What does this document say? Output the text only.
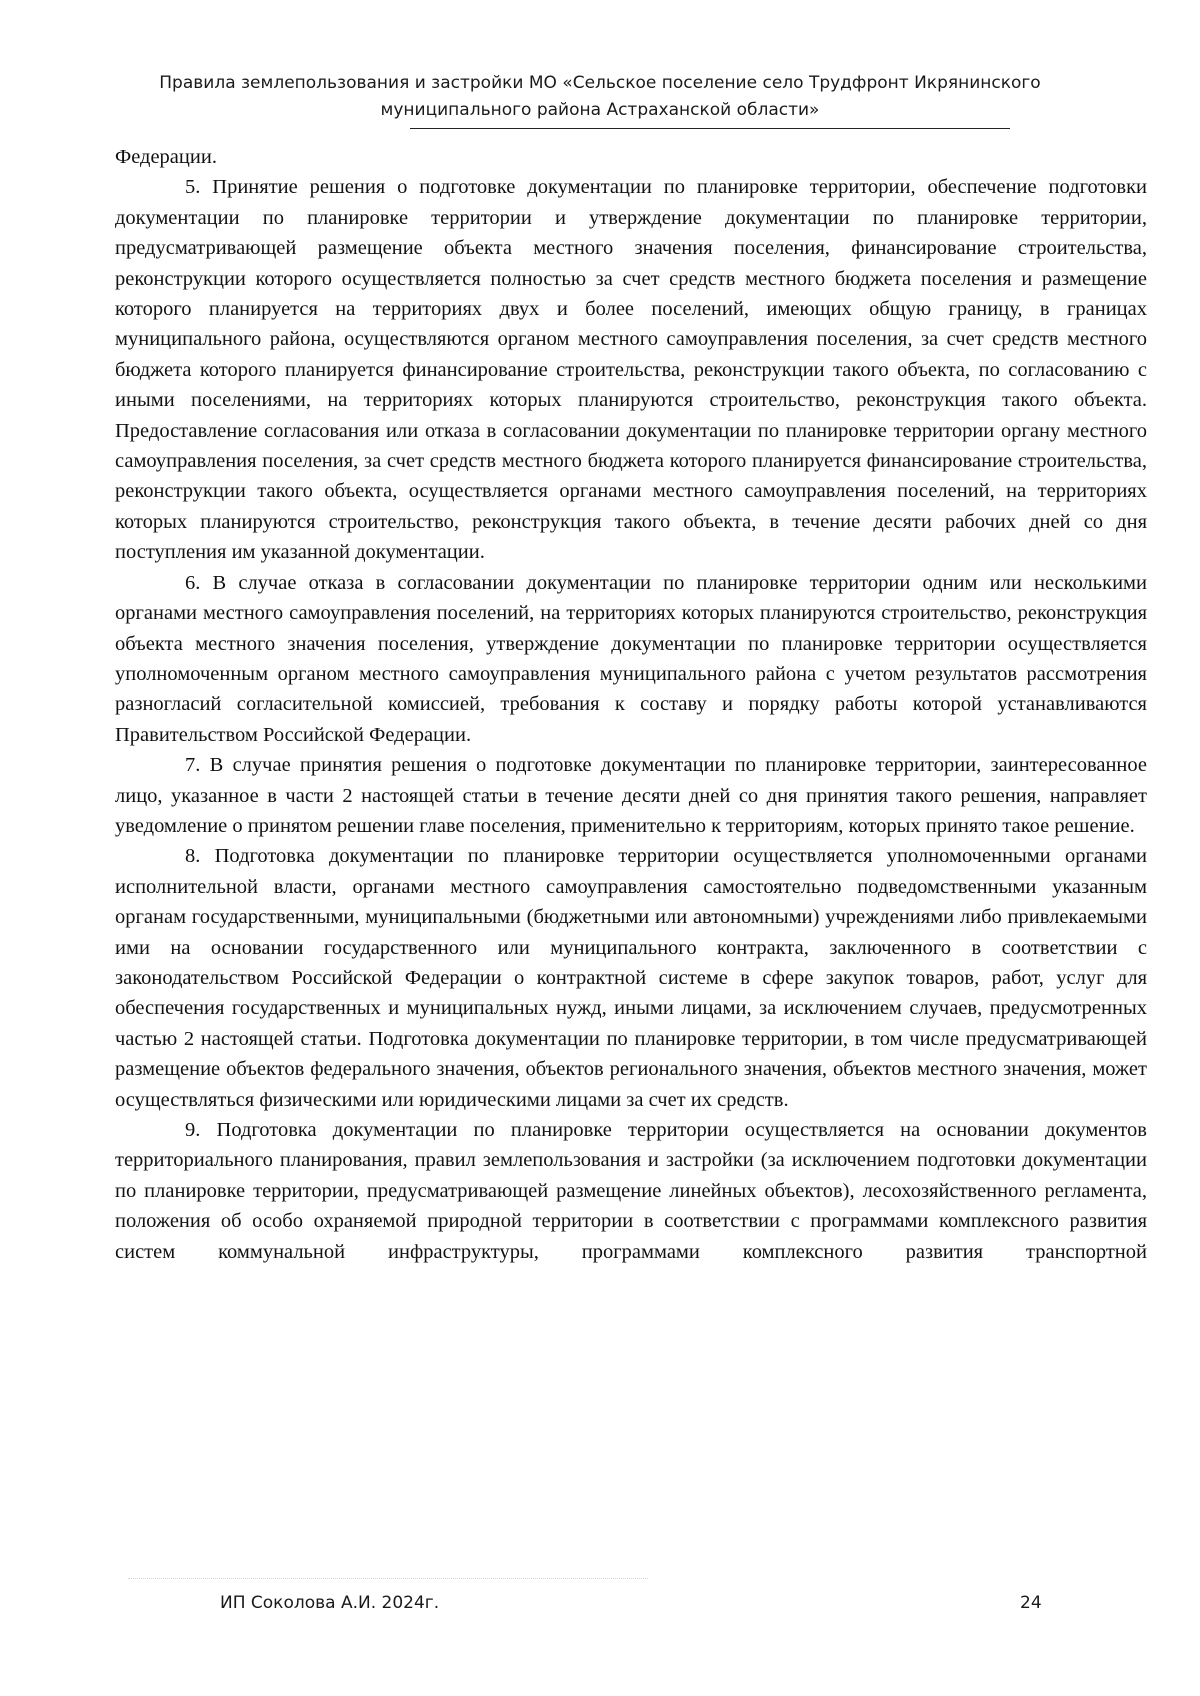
Правила землепользования и застройки МО «Сельское поселение село Трудфронт Икрянинского
муниципального района Астраханской области»

Федерации.

5. Принятие решения о подготовке документации по планировке территории, обеспечение подготовки документации по планировке территории и утверждение документации по планировке территории, предусматривающей размещение объекта местного значения поселения, финансирование строительства, реконструкции которого осуществляется полностью за счет средств местного бюджета поселения и размещение которого планируется на территориях двух и более поселений, имеющих общую границу, в границах муниципального района, осуществляются органом местного самоуправления поселения, за счет средств местного бюджета которого планируется финансирование строительства, реконструкции такого объекта, по согласованию с иными поселениями, на территориях которых планируются строительство, реконструкция такого объекта. Предоставление согласования или отказа в согласовании документации по планировке территории органу местного самоуправления поселения, за счет средств местного бюджета которого планируется финансирование строительства, реконструкции такого объекта, осуществляется органами местного самоуправления поселений, на территориях которых планируются строительство, реконструкция такого объекта, в течение десяти рабочих дней со дня поступления им указанной документации.

6. В случае отказа в согласовании документации по планировке территории одним или несколькими органами местного самоуправления поселений, на территориях которых планируются строительство, реконструкция объекта местного значения поселения, утверждение документации по планировке территории осуществляется уполномоченным органом местного самоуправления муниципального района с учетом результатов рассмотрения разногласий согласительной комиссией, требования к составу и порядку работы которой устанавливаются Правительством Российской Федерации.

7. В случае принятия решения о подготовке документации по планировке территории, заинтересованное лицо, указанное в части 2 настоящей статьи в течение десяти дней со дня принятия такого решения, направляет уведомление о принятом решении главе поселения, применительно к территориям, которых принято такое решение.

8. Подготовка документации по планировке территории осуществляется уполномоченными органами исполнительной власти, органами местного самоуправления самостоятельно подведомственными указанным органам государственными, муниципальными (бюджетными или автономными) учреждениями либо привлекаемыми ими на основании государственного или муниципального контракта, заключенного в соответствии с законодательством Российской Федерации о контрактной системе в сфере закупок товаров, работ, услуг для обеспечения государственных и муниципальных нужд, иными лицами, за исключением случаев, предусмотренных частью 2 настоящей статьи. Подготовка документации по планировке территории, в том числе предусматривающей размещение объектов федерального значения, объектов регионального значения, объектов местного значения, может осуществляться физическими или юридическими лицами за счет их средств.

9. Подготовка документации по планировке территории осуществляется на основании документов территориального планирования, правил землепользования и застройки (за исключением подготовки документации по планировке территории, предусматривающей размещение линейных объектов), лесохозяйственного регламента, положения об особо охраняемой природной территории в соответствии с программами комплексного развития систем коммунальной инфраструктуры, программами комплексного развития транспортной

ИП Соколова А.И. 2024г.	24
